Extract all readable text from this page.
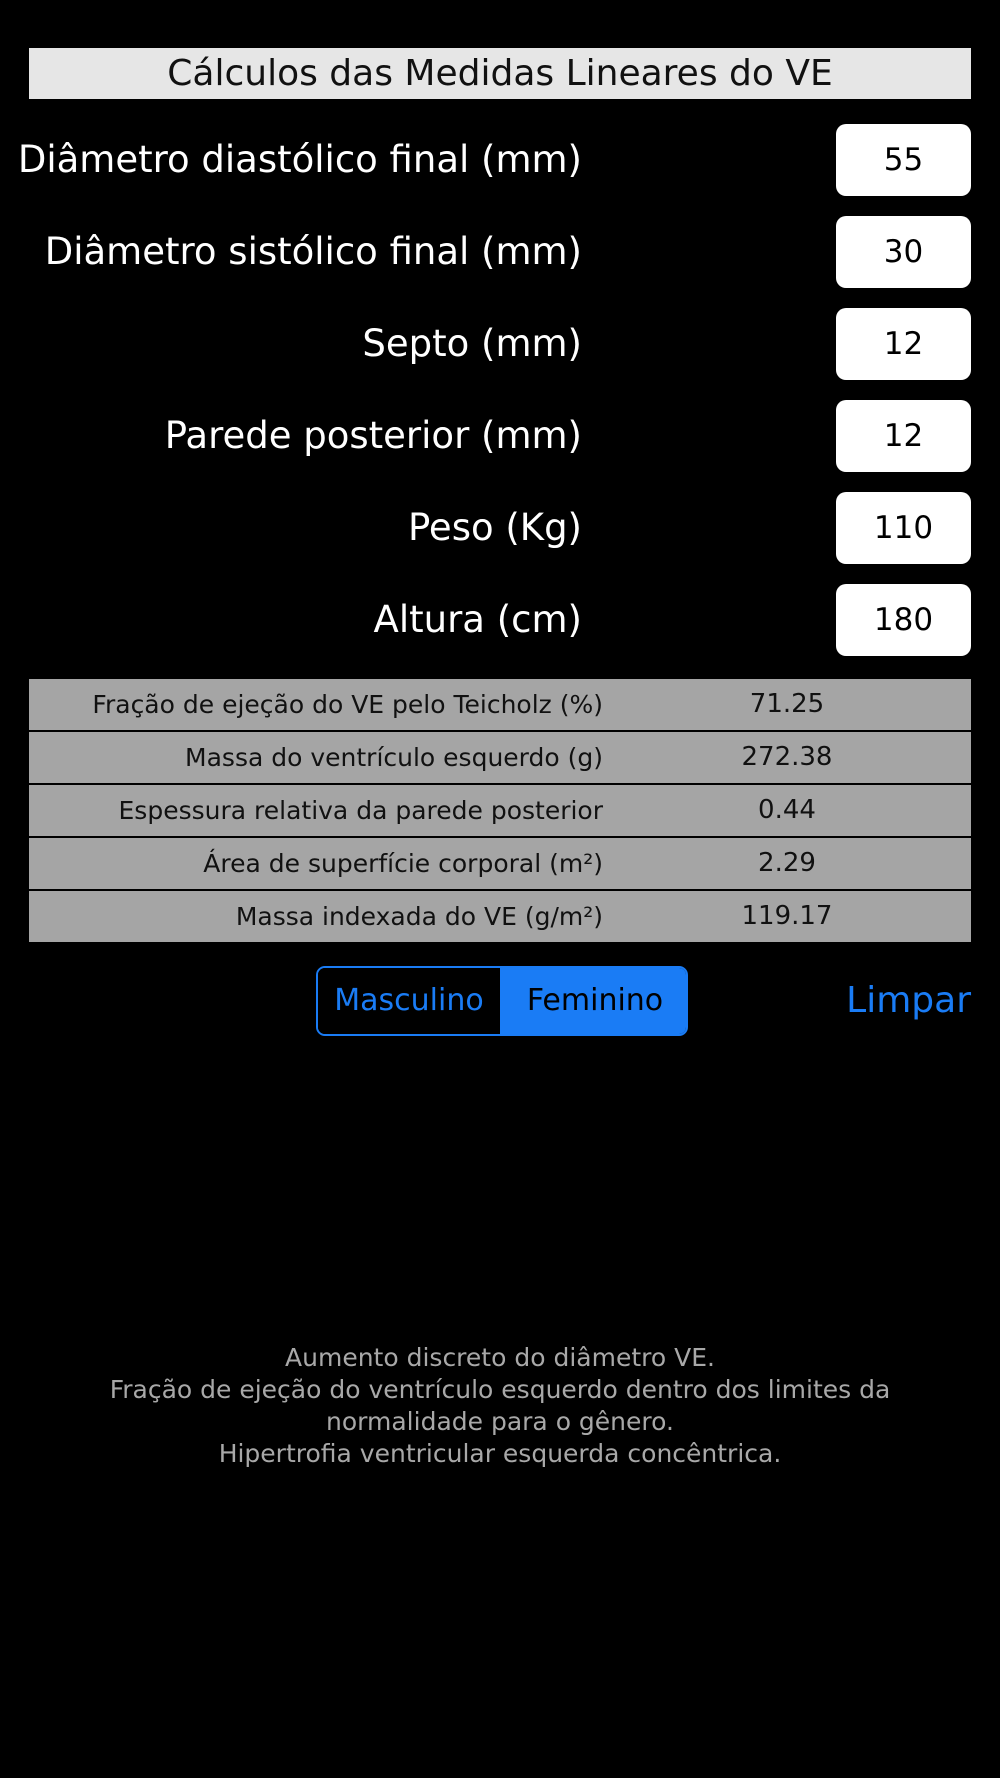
Cálculos das Medidas Lineares do VE
Diâmetro diastólico final (mm)
55
Diâmetro sistólico final (mm)
30
Septo (mm)
12
Parede posterior (mm)
12
Peso (Kg)
110
Altura (cm)
180
Fração de ejeção do VE pelo Teicholz (%)	71.25
Massa do ventrículo esquerdo (g)	272.38
Espessura relativa da parede posterior	0.44
Área de superfície corporal (m²)	2.29
Massa indexada do VE (g/m²)	119.17
Masculino	Feminino	Limpar
Aumento discreto do diâmetro VE.
Fração de ejeção do ventrículo esquerdo dentro dos limites da
normalidade para o gênero.
Hipertrofia ventricular esquerda concêntrica.
